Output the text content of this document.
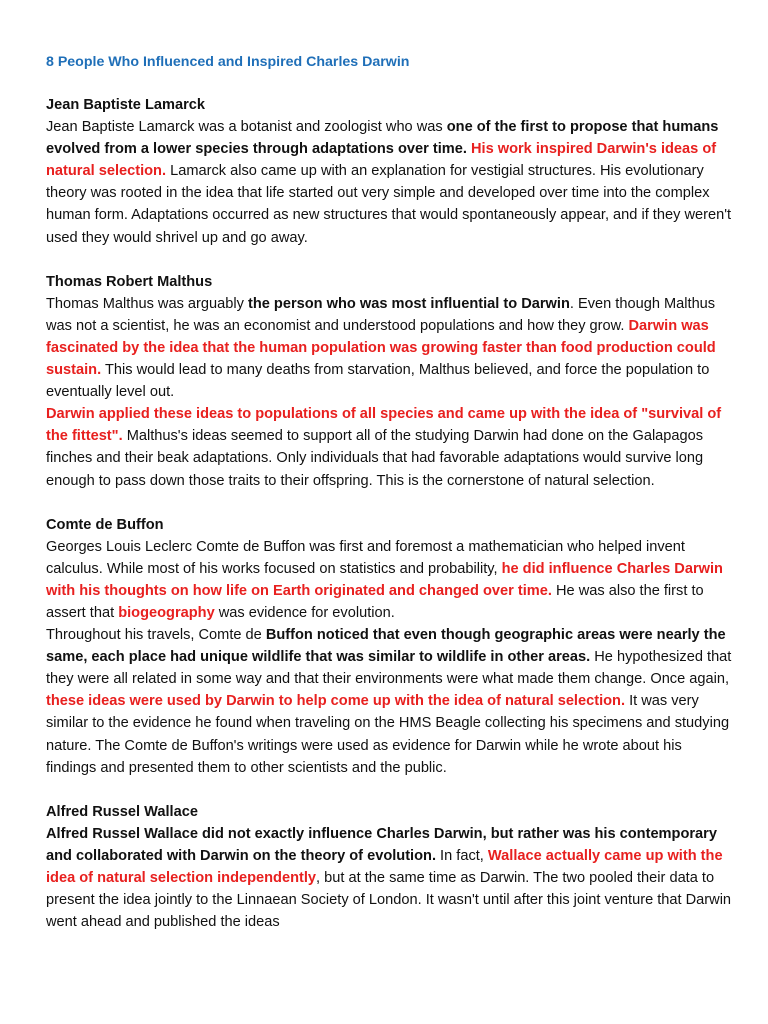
8 People Who Influenced and Inspired Charles Darwin
Jean Baptiste Lamarck

Jean Baptiste Lamarck was a botanist and zoologist who was one of the first to propose that humans evolved from a lower species through adaptations over time. His work inspired Darwin's ideas of natural selection. Lamarck also came up with an explanation for vestigial structures. His evolutionary theory was rooted in the idea that life started out very simple and developed over time into the complex human form. Adaptations occurred as new structures that would spontaneously appear, and if they weren't used they would shrivel up and go away.

Thomas Robert Malthus

Thomas Malthus was arguably the person who was most influential to Darwin. Even though Malthus was not a scientist, he was an economist and understood populations and how they grow. Darwin was fascinated by the idea that the human population was growing faster than food production could sustain. This would lead to many deaths from starvation, Malthus believed, and force the population to eventually level out.

Darwin applied these ideas to populations of all species and came up with the idea of "survival of the fittest". Malthus's ideas seemed to support all of the studying Darwin had done on the Galapagos finches and their beak adaptations. Only individuals that had favorable adaptations would survive long enough to pass down those traits to their offspring. This is the cornerstone of natural selection.

Comte de Buffon

Georges Louis Leclerc Comte de Buffon was first and foremost a mathematician who helped invent calculus. While most of his works focused on statistics and probability, he did influence Charles Darwin with his thoughts on how life on Earth originated and changed over time. He was also the first to assert that biogeography was evidence for evolution.

Throughout his travels, Comte de Buffon noticed that even though geographic areas were nearly the same, each place had unique wildlife that was similar to wildlife in other areas. He hypothesized that they were all related in some way and that their environments were what made them change. Once again, these ideas were used by Darwin to help come up with the idea of natural selection. It was very similar to the evidence he found when traveling on the HMS Beagle collecting his specimens and studying nature. The Comte de Buffon's writings were used as evidence for Darwin while he wrote about his findings and presented them to other scientists and the public.

Alfred Russel Wallace

Alfred Russel Wallace did not exactly influence Charles Darwin, but rather was his contemporary and collaborated with Darwin on the theory of evolution. In fact, Wallace actually came up with the idea of natural selection independently, but at the same time as Darwin. The two pooled their data to present the idea jointly to the Linnaean Society of London. It wasn't until after this joint venture that Darwin went ahead and published the ideas
